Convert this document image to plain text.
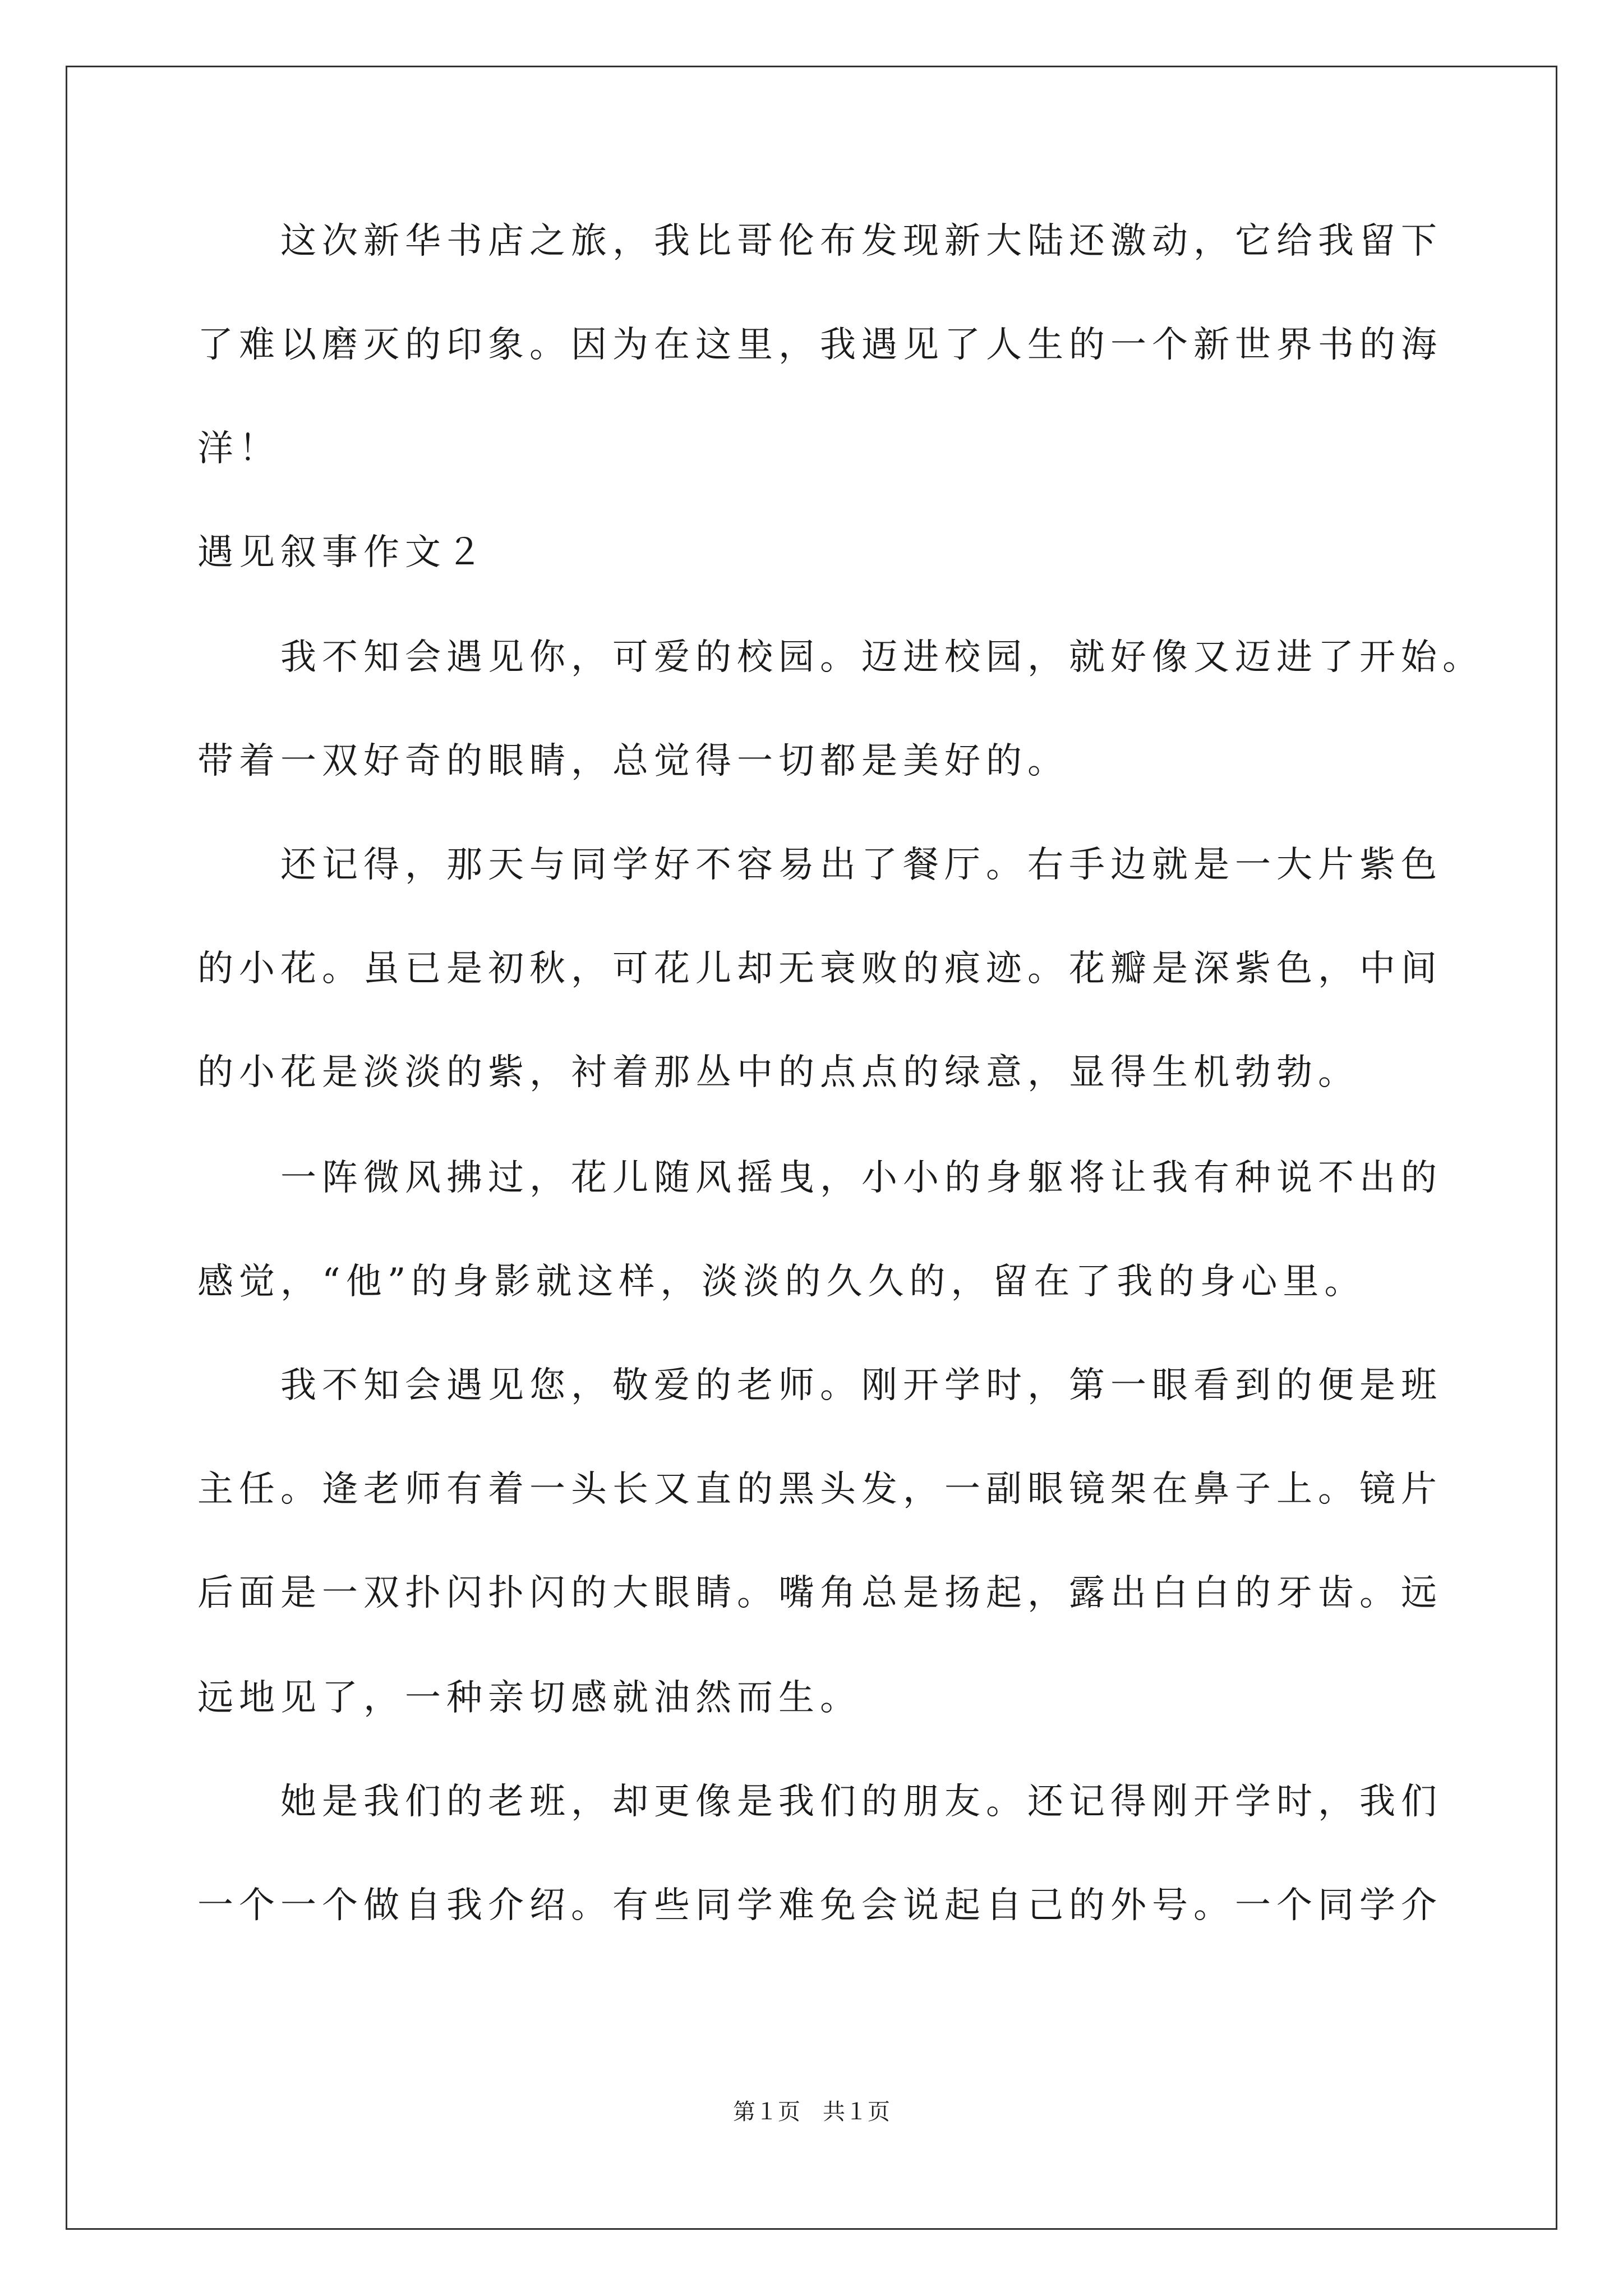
这次新华书店之旅，我比哥伦布发现新大陆还激动，它给我留下
了难以磨灭的印象。因为在这里，我遇见了人生的一个新世界书的海
洋！
遇见叙事作文２
我不知会遇见你，可爱的校园。迈进校园，就好像又迈进了开始。
带着一双好奇的眼睛，总觉得一切都是美好的。
还记得，那天与同学好不容易出了餐厅。右手边就是一大片紫色
的小花。虽已是初秋，可花儿却无衰败的痕迹。花瓣是深紫色，中间
的小花是淡淡的紫，衬着那丛中的点点的绿意，显得生机勃勃。
一阵微风拂过，花儿随风摇曳，小小的身躯将让我有种说不出的
感觉，“他”的身影就这样，淡淡的久久的，留在了我的身心里。
我不知会遇见您，敬爱的老师。刚开学时，第一眼看到的便是班
主任。逄老师有着一头长又直的黑头发，一副眼镜架在鼻子上。镜片
后面是一双扑闪扑闪的大眼睛。嘴角总是扬起，露出白白的牙齿。远
远地见了，一种亲切感就油然而生。
她是我们的老班，却更像是我们的朋友。还记得刚开学时，我们
一个一个做自我介绍。有些同学难免会说起自己的外号。一个同学介
第１页　共１页
